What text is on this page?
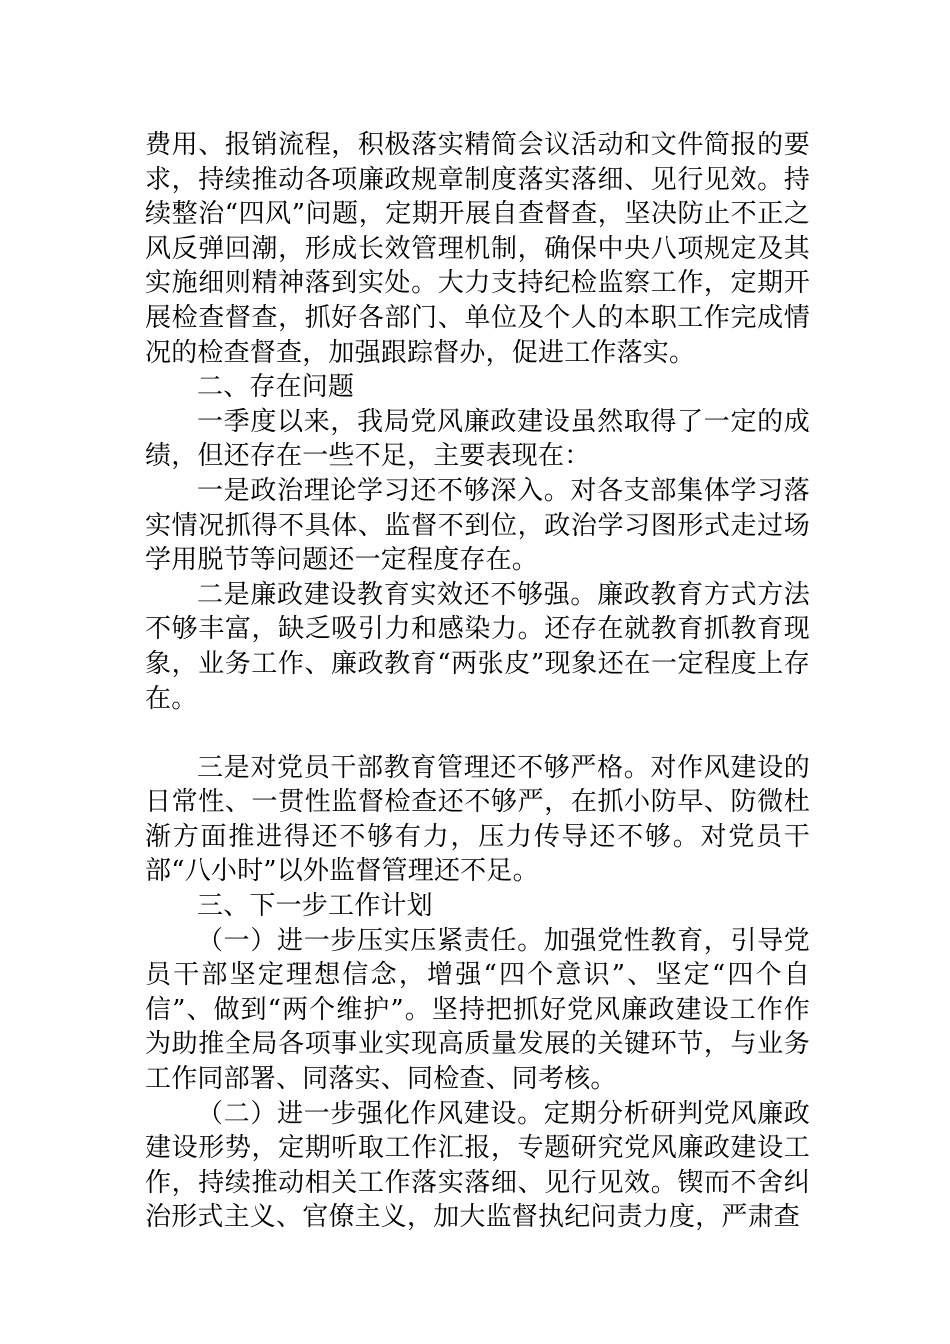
费用、报销流程，积极落实精简会议活动和文件简报的要求，持续推动各项廉政规章制度落实落细、见行见效。持续整治“四风”问题，定期开展自查督查，坚决防止不正之风反弹回潮，形成长效管理机制，确保中央八项规定及其实施细则精神落到实处。大力支持纪检监察工作，定期开展检查督查，抓好各部门、单位及个人的本职工作完成情况的检查督查，加强跟踪督办，促进工作落实。

二、存在问题

一季度以来，我局党风廉政建设虽然取得了一定的成绩，但还存在一些不足，主要表现在：

一是政治理论学习还不够深入。对各支部集体学习落实情况抓得不具体、监督不到位，政治学习图形式走过场学用脱节等问题还一定程度存在。

二是廉政建设教育实效还不够强。廉政教育方式方法不够丰富，缺乏吸引力和感染力。还存在就教育抓教育现象，业务工作、廉政教育“两张皮”现象还在一定程度上存在。

三是对党员干部教育管理还不够严格。对作风建设的日常性、一贯性监督检查还不够严，在抓小防早、防微杜渐方面推进得还不够有力，压力传导还不够。对党员干部“八小时”以外监督管理还不足。

三、下一步工作计划

（一）进一步压实压紧责任。加强党性教育，引导党员干部坚定理想信念，增强“四个意识”、坚定“四个自信”、做到“两个维护”。坚持把抓好党风廉政建设工作作为助推全局各项事业实现高质量发展的关键环节，与业务工作同部署、同落实、同检查、同考核。

（二）进一步强化作风建设。定期分析研判党风廉政建设形势，定期听取工作汇报，专题研究党风廉政建设工作，持续推动相关工作落实落细、见行见效。锲而不舍纠治形式主义、官僚主义，加大监督执纪问责力度，严肃查
